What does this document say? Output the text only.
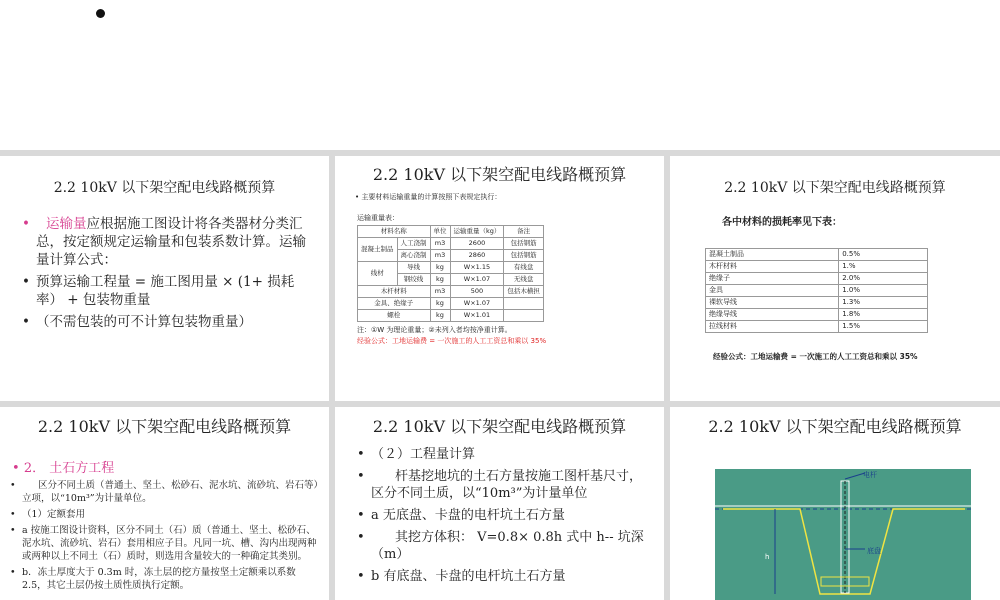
2.2 10kV 以下架空配电线路概预算
• 运输量应根据施工图设计将各类器材分类汇总，按定额规定运输量和包装系数计算。运输量计算公式：
• 预算运输工程量 = 施工图用量 × (1+ 损耗率） + 包装物重量
• （不需包装的可不计算包装物重量）
2.2 10kV 以下架空配电线路概预算
• 主要材料运输重量的计算按照下表规定执行：
运输重量表：
材料名称		单位	运输重量（kg）	备注
混凝土制品	人工浇制	m3	2600	包括钢筋
	离心浇制	m3	2860	包括钢筋
线材	导线	kg	W×1.15	有线盘
	钢绞线	kg	W×1.07	无线盘
木杆材料		m3	500	包括木横担
金具、绝缘子		kg	W×1.07	
螺栓		kg	W×1.01	
注：①W 为理论重量；②未列入者均按净重计算。
经验公式：工地运输费 = 一次施工的人工工资总和乘以 35%
2.2 10kV 以下架空配电线路概预算
各中材料的损耗率见下表：
混凝土制品	0.5%
木杆材料	1.%
绝缘子	2.0%
金具	1.0%
裸软导线	1.3%
绝缘导线	1.8%
拉线材料	1.5%
经验公式：工地运输费 = 一次施工的人工工资总和乘以 35%
2.2 10kV 以下架空配电线路概预算
• 2． 土石方工程
• 区分不同土质（普通土、坚土、松砂石、泥水坑、流砂坑、岩石等）立项，以“10m³”为计量单位。
• （1）定额套用
• a 按施工图设计资料，区分不同土（石）质（普通土、坚土、松砂石、泥水坑、流砂坑、岩石）套用相应子目。凡同一坑、槽、沟内出现两种或两种以上不同土（石）质时，则选用含量较大的一种确定其类别。
• b．冻土厚度大于 0.3m 时，冻土层的挖方量按坚土定额乘以系数 2.5，其它土层仍按土质性质执行定额。
2.2 10kV 以下架空配电线路概预算
• （２）工程量计算
• 杆基挖地坑的土石方量按施工图杆基尺寸，区分不同土质，以“10m³”为计量单位
• a 无底盘、卡盘的电杆坑土石方量
• 其挖方体积： V=0.8× 0.8h 式中 h-- 坑深（m）
• b 有底盘、卡盘的电杆坑土石方量
2.2 10kV 以下架空配电线路概预算
电杆
底盘
h
